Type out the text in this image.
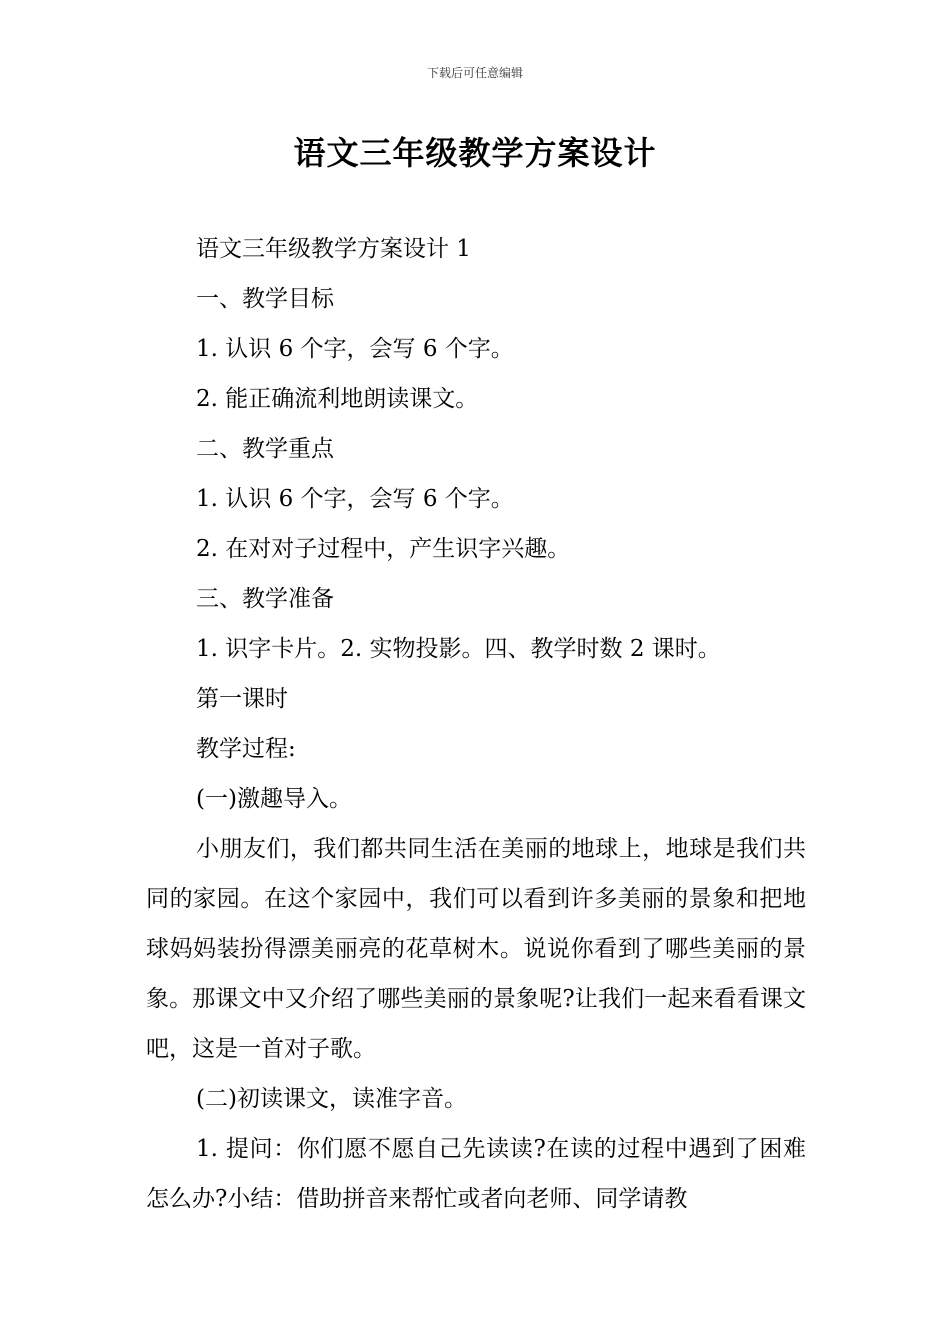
下载后可任意编辑
语文三年级教学方案设计
语文三年级教学方案设计 1
一、教学目标
1. 认识 6 个字，会写 6 个字。
2. 能正确流利地朗读课文。
二、教学重点
1. 认识 6 个字，会写 6 个字。
2. 在对对子过程中，产生识字兴趣。
三、教学准备
1. 识字卡片。2. 实物投影。四、教学时数 2 课时。
第一课时
教学过程:
(一)激趣导入。

小朋友们，我们都共同生活在美丽的地球上，地球是我们共同的家园。在这个家园中，我们可以看到许多美丽的景象和把地球妈妈装扮得漂美丽亮的花草树木。说说你看到了哪些美丽的景象。那课文中又介绍了哪些美丽的景象呢?让我们一起来看看课文吧，这是一首对子歌。

(二)初读课文，读准字音。

1. 提问：你们愿不愿自己先读读?在读的过程中遇到了困难怎么办?小结：借助拼音来帮忙或者向老师、同学请教
